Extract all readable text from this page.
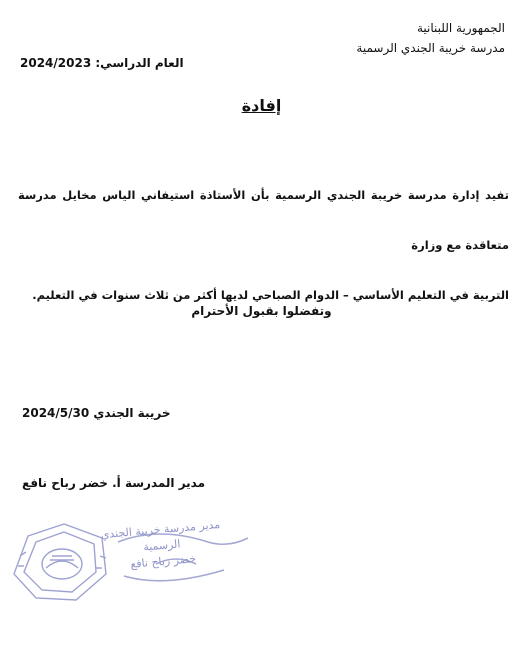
الجمهورية اللبنانية
مدرسة خريبة الجندي الرسمية
العام الدراسي: 2024/2023
إفادة
تفيد إدارة مدرسة خريبة الجندي الرسمية بأن الأستاذة استيفاني الياس مخايل مدرسة متعاقدة مع وزارة
التربية في التعليم الأساسي – الدوام الصباحي لديها أكثر من ثلاث سنوات في التعليم.
وتفضلوا بقبول الأحترام
خريبة الجندي 2024/5/30
مدير المدرسة أ. خضر رباح نافع
مدير مدرسة خريبة الجندي
الرسمية
خضر رباح نافع
